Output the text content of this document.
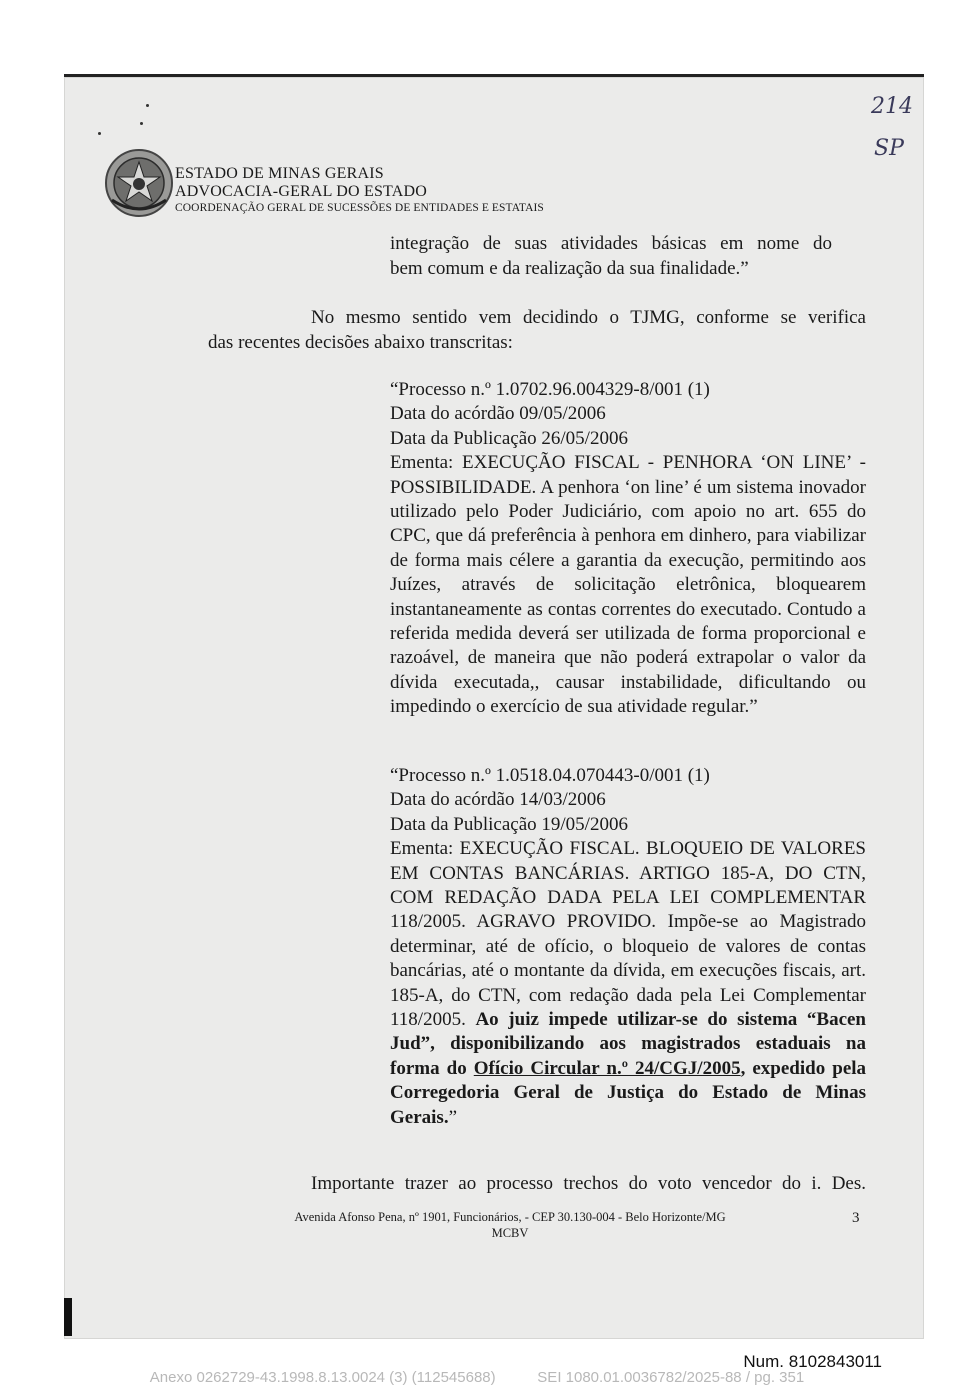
214
SP
ESTADO DE MINAS GERAIS
ADVOCACIA-GERAL DO ESTADO
COORDENAÇÃO GERAL DE SUCESSÕES DE ENTIDADES E ESTATAIS
integração de suas atividades básicas em nome do
bem comum e da realização da sua finalidade.”
No mesmo sentido vem decidindo o TJMG, conforme se verifica
das recentes decisões abaixo transcritas:
“Processo n.º 1.0702.96.004329-8/001 (1)
Data do acórdão 09/05/2006
Data da Publicação 26/05/2006

Ementa: EXECUÇÃO FISCAL - PENHORA ‘ON LINE’ - POSSIBILIDADE. A penhora ‘on line’ é um sistema inovador utilizado pelo Poder Judiciário, com apoio no art. 655 do CPC, que dá preferência à penhora em dinhero, para viabilizar de forma mais célere a garantia da execução, permitindo aos Juízes, através de solicitação eletrônica, bloquearem instantaneamente as contas correntes do executado. Contudo a referida medida deverá ser utilizada de forma proporcional e razoável, de maneira que não poderá extrapolar o valor da dívida executada,, causar instabilidade, dificultando ou impedindo o exercício de sua atividade regular.”

“Processo n.º 1.0518.04.070443-0/001 (1)
Data do acórdão 14/03/2006
Data da Publicação 19/05/2006

Ementa: EXECUÇÃO FISCAL. BLOQUEIO DE VALORES EM CONTAS BANCÁRIAS. ARTIGO 185-A, DO CTN, COM REDAÇÃO DADA PELA LEI COMPLEMENTAR 118/2005. AGRAVO PROVIDO. Impõe-se ao Magistrado determinar, até de ofício, o bloqueio de valores de contas bancárias, até o montante da dívida, em execuções fiscais, art. 185-A, do CTN, com redação dada pela Lei Complementar 118/2005. Ao juiz impede utilizar-se do sistema “Bacen Jud”, disponibilizando aos magistrados estaduais na forma do Ofício Circular n.º 24/CGJ/2005, expedido pela Corregedoria Geral de Justiça do Estado de Minas Gerais.”

Importante trazer ao processo trechos do voto vencedor do i. Des.
Avenida Afonso Pena, nº 1901, Funcionários, - CEP 30.130-004 - Belo Horizonte/MG
MCBV
3
Num. 8102843011
Anexo 0262729-43.1998.8.13.0024 (3) (112545688)          SEI 1080.01.0036782/2025-88 / pg. 351
